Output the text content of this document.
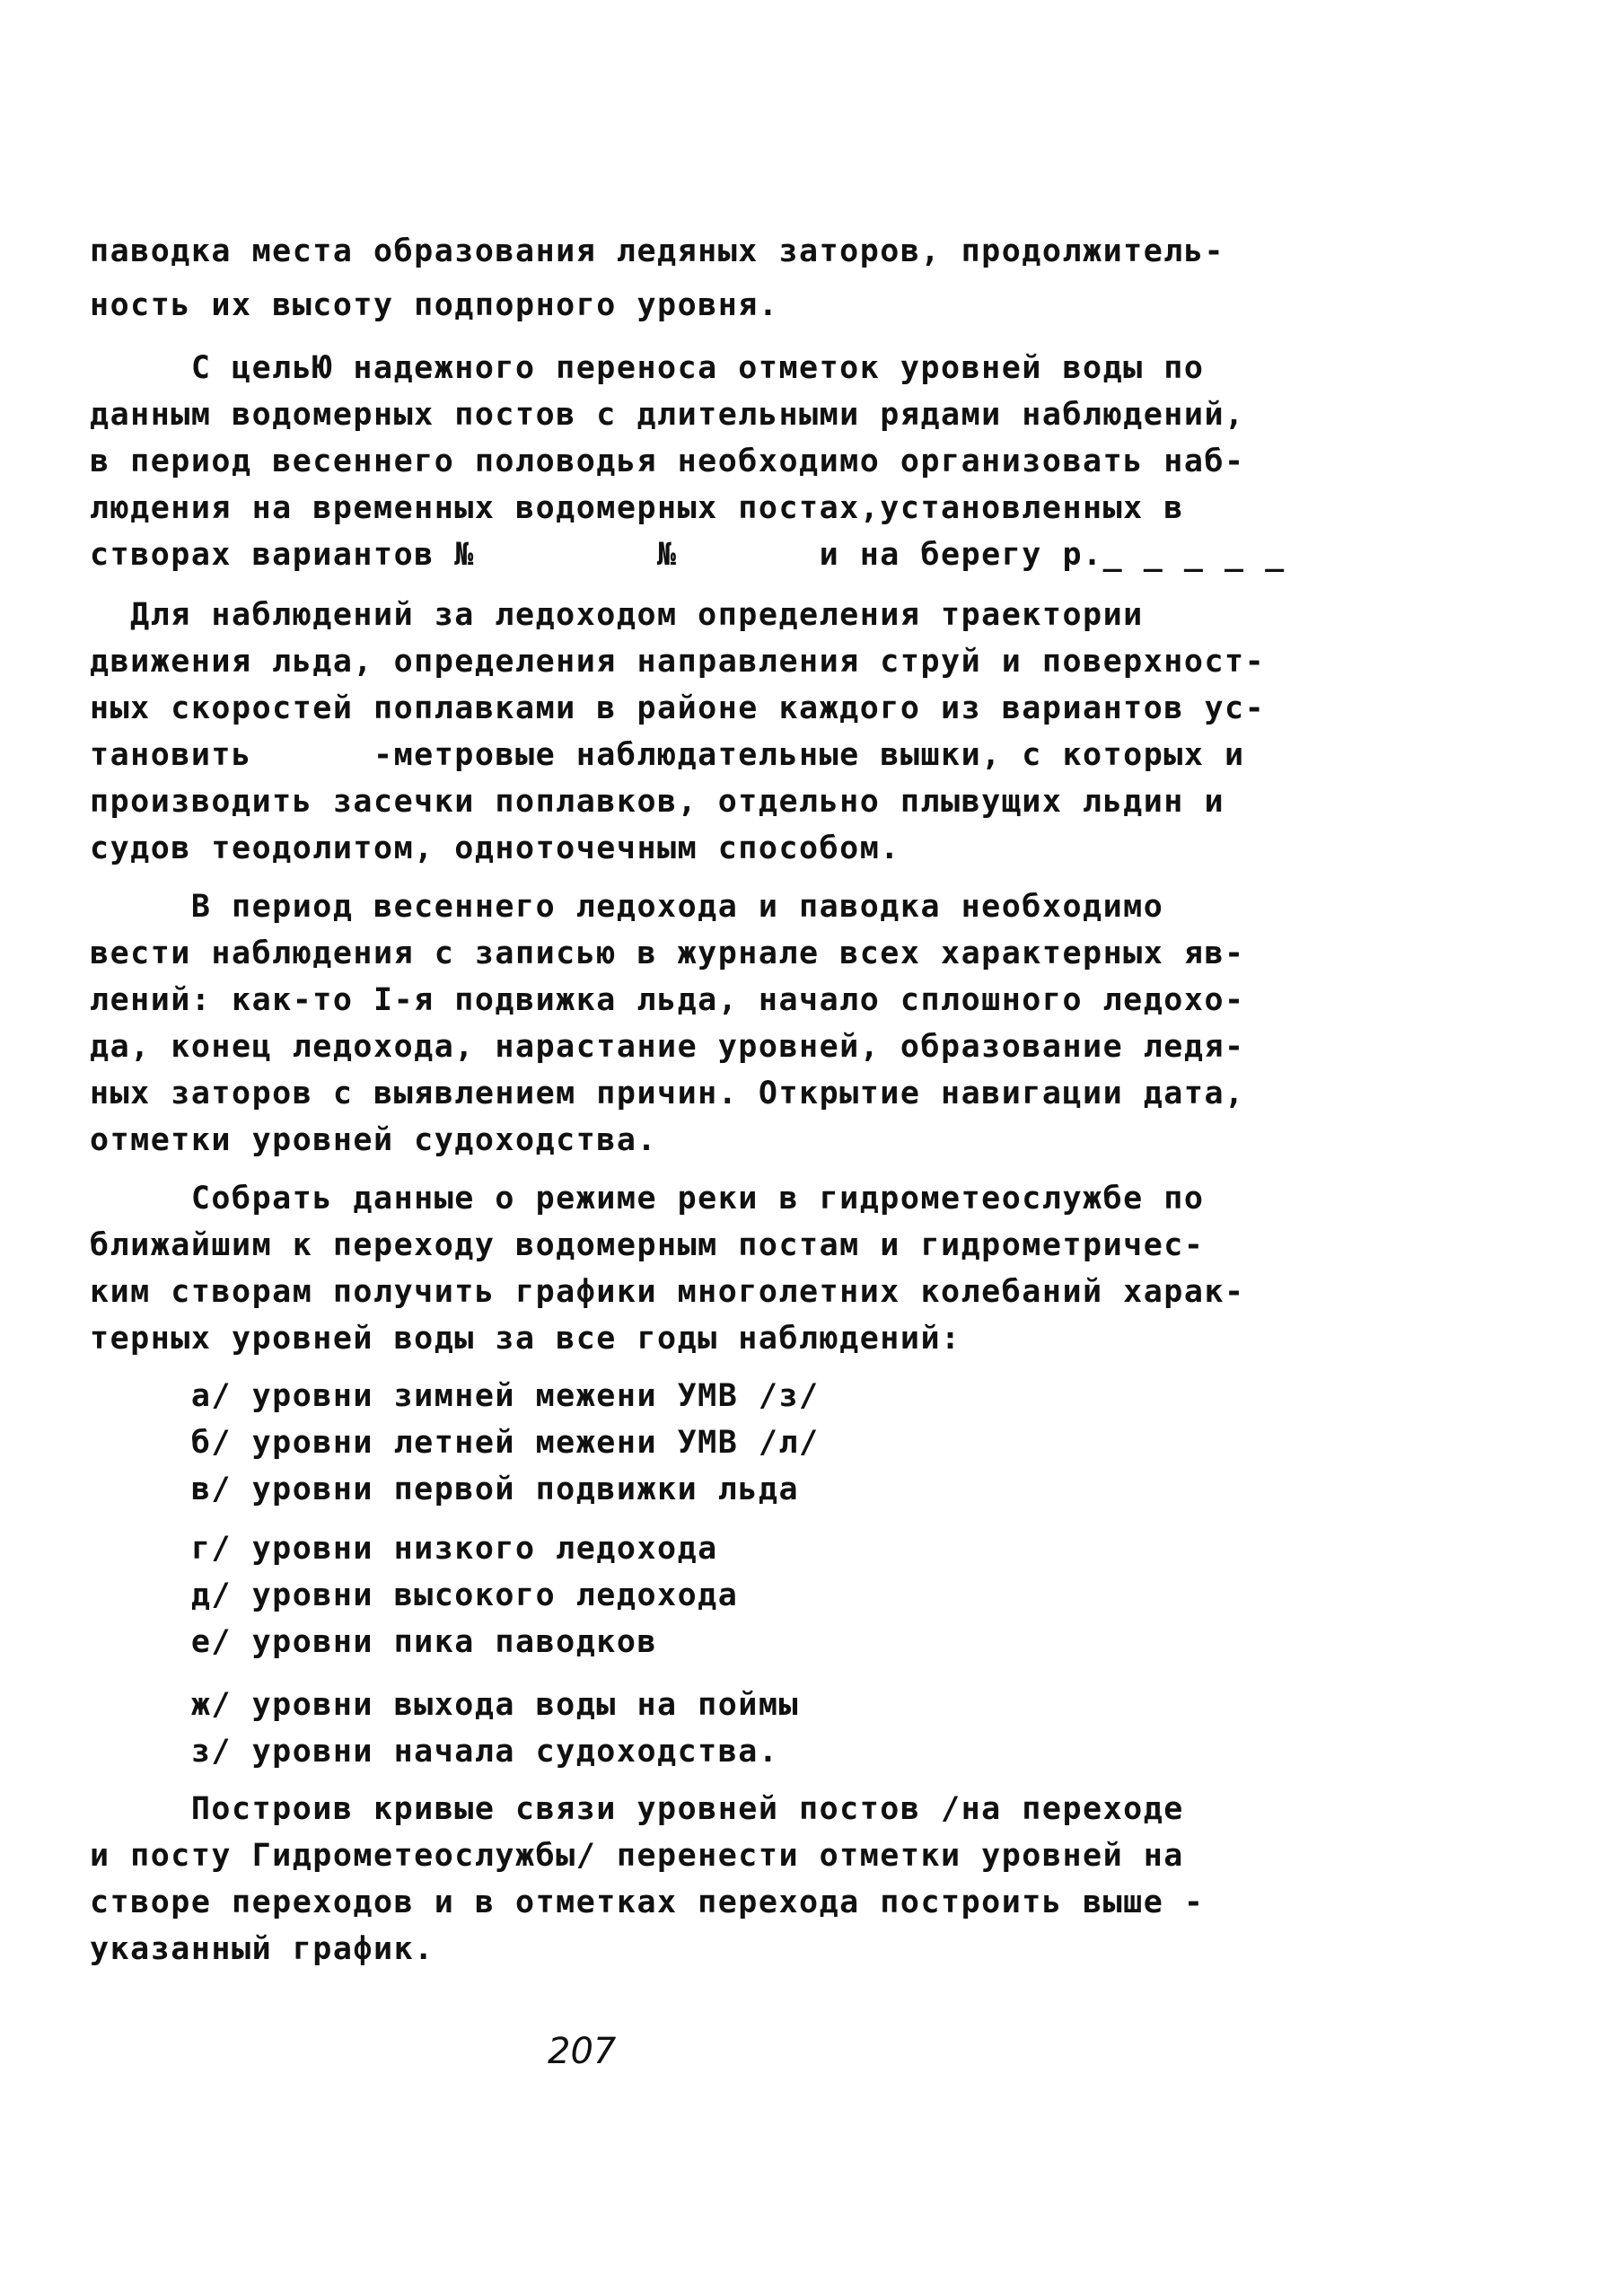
паводка места образования ледяных заторов, продолжитель-
ность их высоту подпорного уровня.
С цельЮ надежного переноса отметок уровней воды по
данным водомерных постов с длительными рядами наблюдений,
в период весеннего половодья необходимо организовать наб-
людения на временных водомерных постах,установленных в
створах вариантов №         №       и на берегу р._ _ _ _ _
Для наблюдений за ледоходом определения траектории
движения льда, определения направления струй и поверхност-
ных скоростей поплавками в районе каждого из вариантов ус-
тановить      -метровые наблюдательные вышки, с которых и
производить засечки поплавков, отдельно плывущих льдин и
судов теодолитом, одноточечным способом.
В период весеннего ледохода и паводка необходимо
вести наблюдения с записью в журнале всех характерных яв-
лений: как-то I-я подвижка льда, начало сплошного ледохо-
да, конец ледохода, нарастание уровней, образование ледя-
ных заторов с выявлением причин. Открытие навигации дата,
отметки уровней судоходства.
Собрать данные о режиме реки в гидрометеослужбе по
ближайшим к переходу водомерным постам и гидрометричес-
ким створам получить графики многолетних колебаний харак-
терных уровней воды за все годы наблюдений:
а/ уровни зимней межени УМВ /з/
б/ уровни летней межени УМВ /л/
в/ уровни первой подвижки льда
г/ уровни низкого ледохода
д/ уровни высокого ледохода
е/ уровни пика паводков
ж/ уровни выхода воды на поймы
з/ уровни начала судоходства.
Построив кривые связи уровней постов /на переходе
и посту Гидрометеослужбы/ перенести отметки уровней на
створе переходов и в отметках перехода построить выше -
указанный график.
207
